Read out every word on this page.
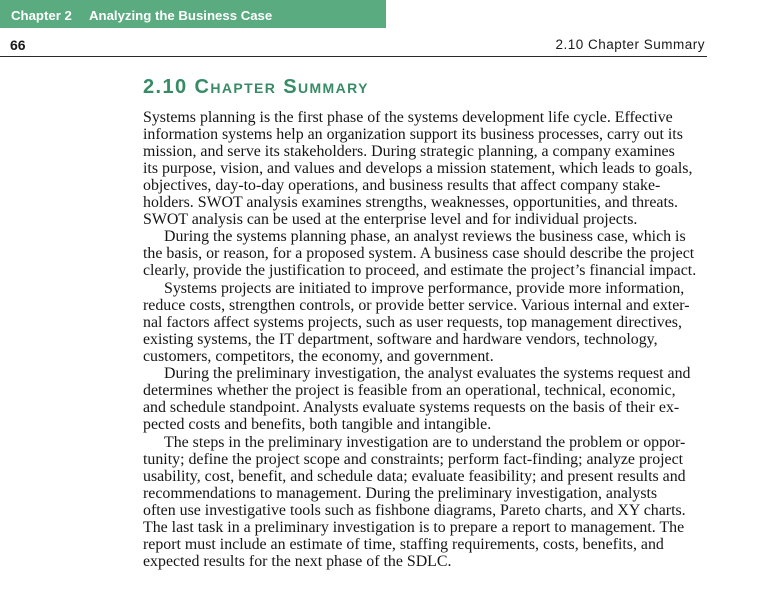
Chapter 2 Analyzing the Business Case
66	2.10 Chapter Summary
2.10 Chapter Summary
Systems planning is the first phase of the systems development life cycle. Effective
information systems help an organization support its business processes, carry out its
mission, and serve its stakeholders. During strategic planning, a company examines
its purpose, vision, and values and develops a mission statement, which leads to goals,
objectives, day-to-day operations, and business results that affect company stake-
holders. SWOT analysis examines strengths, weaknesses, opportunities, and threats.
SWOT analysis can be used at the enterprise level and for individual projects.
During the systems planning phase, an analyst reviews the business case, which is
the basis, or reason, for a proposed system. A business case should describe the project
clearly, provide the justification to proceed, and estimate the project’s financial impact.
Systems projects are initiated to improve performance, provide more information,
reduce costs, strengthen controls, or provide better service. Various internal and exter-
nal factors affect systems projects, such as user requests, top management directives,
existing systems, the IT department, software and hardware vendors, technology,
customers, competitors, the economy, and government.
During the preliminary investigation, the analyst evaluates the systems request and
determines whether the project is feasible from an operational, technical, economic,
and schedule standpoint. Analysts evaluate systems requests on the basis of their ex-
pected costs and benefits, both tangible and intangible.
The steps in the preliminary investigation are to understand the problem or oppor-
tunity; define the project scope and constraints; perform fact-finding; analyze project
usability, cost, benefit, and schedule data; evaluate feasibility; and present results and
recommendations to management. During the preliminary investigation, analysts
often use investigative tools such as fishbone diagrams, Pareto charts, and XY charts.
The last task in a preliminary investigation is to prepare a report to management. The
report must include an estimate of time, staffing requirements, costs, benefits, and
expected results for the next phase of the SDLC.
